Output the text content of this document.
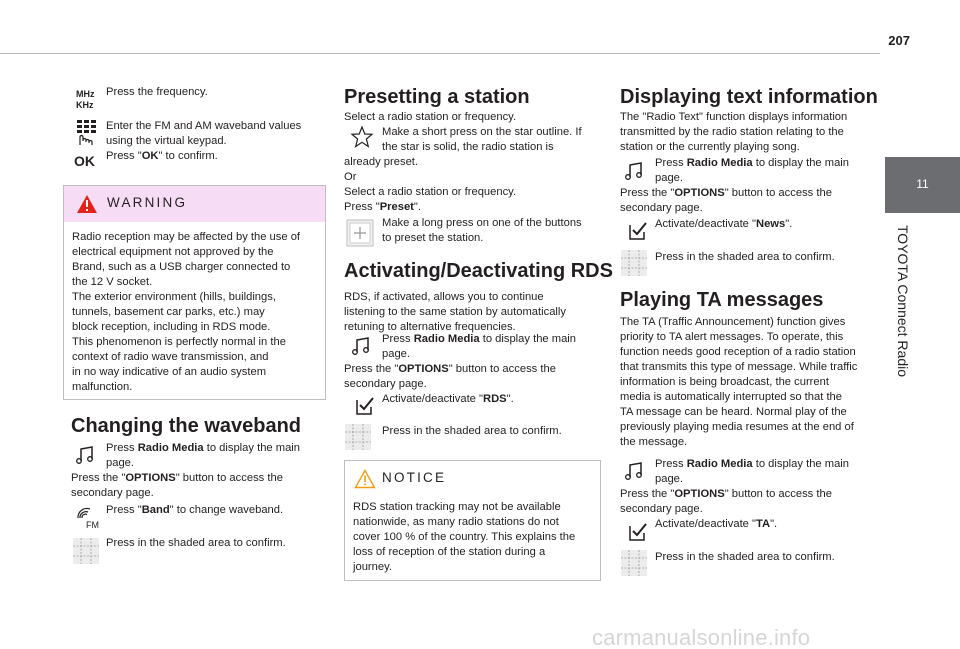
207
11
TOYOTA Connect Radio
MHz
KHz
Press the frequency.
Enter the FM and AM waveband values
using the virtual keypad.
OK Press "OK" to confirm.
WARNING
Radio reception may be affected by the use of
electrical equipment not approved by the
Brand, such as a USB charger connected to
the 12 V socket.
The exterior environment (hills, buildings,
tunnels, basement car parks, etc.) may
block reception, including in RDS mode.
This phenomenon is perfectly normal in the
context of radio wave transmission, and
in no way indicative of an audio system
malfunction.
Changing the waveband
Press Radio Media to display the main
page.
Press the "OPTIONS" button to access the
secondary page.
FM
Press "Band" to change waveband.
Press in the shaded area to confirm.
Presetting a station
Select a radio station or frequency.
Make a short press on the star outline. If
the star is solid, the radio station is
already preset.
Or
Select a radio station or frequency.
Press "Preset".
Make a long press on one of the buttons
to preset the station.
Activating/Deactivating RDS
RDS, if activated, allows you to continue
listening to the same station by automatically
retuning to alternative frequencies.
Press Radio Media to display the main
page.
Press the "OPTIONS" button to access the
secondary page.
Activate/deactivate "RDS".
Press in the shaded area to confirm.
NOTICE
RDS station tracking may not be available
nationwide, as many radio stations do not
cover 100 % of the country. This explains the
loss of reception of the station during a
journey.
Displaying text information
The "Radio Text" function displays information
transmitted by the radio station relating to the
station or the currently playing song.
Press Radio Media to display the main
page.
Press the "OPTIONS" button to access the
secondary page.
Activate/deactivate "News".
Press in the shaded area to confirm.
Playing TA messages
The TA (Traffic Announcement) function gives
priority to TA alert messages. To operate, this
function needs good reception of a radio station
that transmits this type of message. While traffic
information is being broadcast, the current
media is automatically interrupted so that the
TA message can be heard. Normal play of the
previously playing media resumes at the end of
the message.
Press Radio Media to display the main
page.
Press the "OPTIONS" button to access the
secondary page.
Activate/deactivate "TA".
Press in the shaded area to confirm.
carmanualsonline.info
